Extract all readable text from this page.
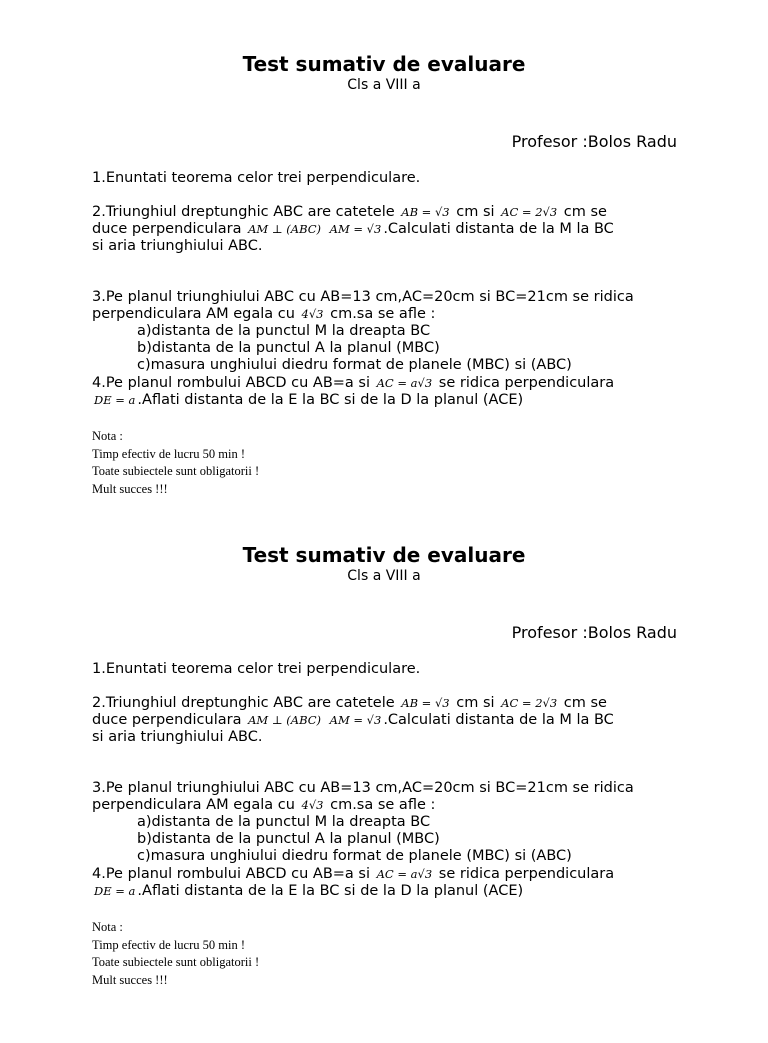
Test sumativ de evaluare
Cls a VIII a
Profesor :Bolos Radu
1.Enuntati teorema celor trei perpendiculare.
2.Triunghiul dreptunghic ABC are catetele AB = √3 cm si AC = 2√3 cm se
duce perpendiculara AM ⊥ (ABC) AM = √3 .Calculati distanta de la M la BC
si aria triunghiului ABC.
3.Pe planul triunghiului ABC cu AB=13 cm,AC=20cm si BC=21cm se ridica
perpendiculara AM egala cu 4√3 cm.sa se afle :
a)distanta de la punctul M la dreapta BC
b)distanta de la punctul A la planul (MBC)
c)masura unghiului diedru format de planele (MBC) si (ABC)
4.Pe planul rombului ABCD cu AB=a si AC = a√3 se ridica perpendiculara
DE = a .Aflati distanta de la E la BC si de la D la planul (ACE)
Nota :
Timp efectiv de lucru 50 min !
Toate subiectele sunt obligatorii !
Mult succes !!!
Test sumativ de evaluare
Cls a VIII a
Profesor :Bolos Radu
1.Enuntati teorema celor trei perpendiculare.
2.Triunghiul dreptunghic ABC are catetele AB = √3 cm si AC = 2√3 cm se
duce perpendiculara AM ⊥ (ABC) AM = √3 .Calculati distanta de la M la BC
si aria triunghiului ABC.
3.Pe planul triunghiului ABC cu AB=13 cm,AC=20cm si BC=21cm se ridica
perpendiculara AM egala cu 4√3 cm.sa se afle :
a)distanta de la punctul M la dreapta BC
b)distanta de la punctul A la planul (MBC)
c)masura unghiului diedru format de planele (MBC) si (ABC)
4.Pe planul rombului ABCD cu AB=a si AC = a√3 se ridica perpendiculara
DE = a .Aflati distanta de la E la BC si de la D la planul (ACE)
Nota :
Timp efectiv de lucru 50 min !
Toate subiectele sunt obligatorii !
Mult succes !!!
